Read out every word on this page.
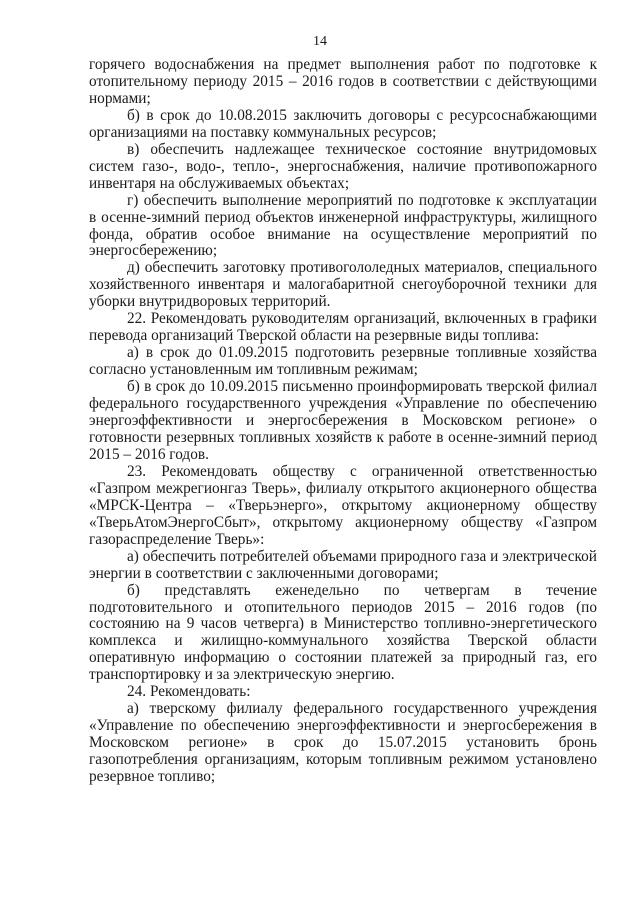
14

горячего водоснабжения на предмет выполнения работ по подготовке к отопительному периоду 2015 – 2016 годов в соответствии с действующими нормами;

б) в срок до 10.08.2015 заключить договоры с ресурсоснабжающими организациями на поставку коммунальных ресурсов;

в) обеспечить надлежащее техническое состояние внутридомовых систем газо-, водо-, тепло-, энергоснабжения, наличие противопожарного инвентаря на обслуживаемых объектах;

г) обеспечить выполнение мероприятий по подготовке к эксплуатации в осенне-зимний период объектов инженерной инфраструктуры, жилищного фонда, обратив особое внимание на осуществление мероприятий по энергосбережению;

д) обеспечить заготовку противогололедных материалов, специального хозяйственного инвентаря и малогабаритной снегоуборочной техники для уборки внутридворовых территорий.

22. Рекомендовать руководителям организаций, включенных в графики перевода организаций Тверской области на резервные виды топлива:

а) в срок до 01.09.2015 подготовить резервные топливные хозяйства согласно установленным им топливным режимам;

б) в срок до 10.09.2015 письменно проинформировать тверской филиал федерального государственного учреждения «Управление по обеспечению энергоэффективности и энергосбережения в Московском регионе» о готовности резервных топливных хозяйств к работе в осенне-зимний период 2015 – 2016 годов.

23. Рекомендовать обществу с ограниченной ответственностью «Газпром межрегионгаз Тверь», филиалу открытого акционерного общества «МРСК-Центра – «Тверьэнерго», открытому акционерному обществу «ТверьАтомЭнергоСбыт», открытому акционерному обществу «Газпром газораспределение Тверь»:

а) обеспечить потребителей объемами природного газа и электрической энергии в соответствии с заключенными договорами;

б) представлять еженедельно по четвергам в течение подготовительного и отопительного периодов 2015 – 2016 годов (по состоянию на 9 часов четверга) в Министерство топливно-энергетического комплекса и жилищно-коммунального хозяйства Тверской области оперативную информацию о состоянии платежей за природный газ, его транспортировку и за электрическую энергию.

24. Рекомендовать:

а) тверскому филиалу федерального государственного учреждения «Управление по обеспечению энергоэффективности и энергосбережения в Московском регионе» в срок до 15.07.2015 установить бронь газопотребления организациям, которым топливным режимом установлено резервное топливо;
